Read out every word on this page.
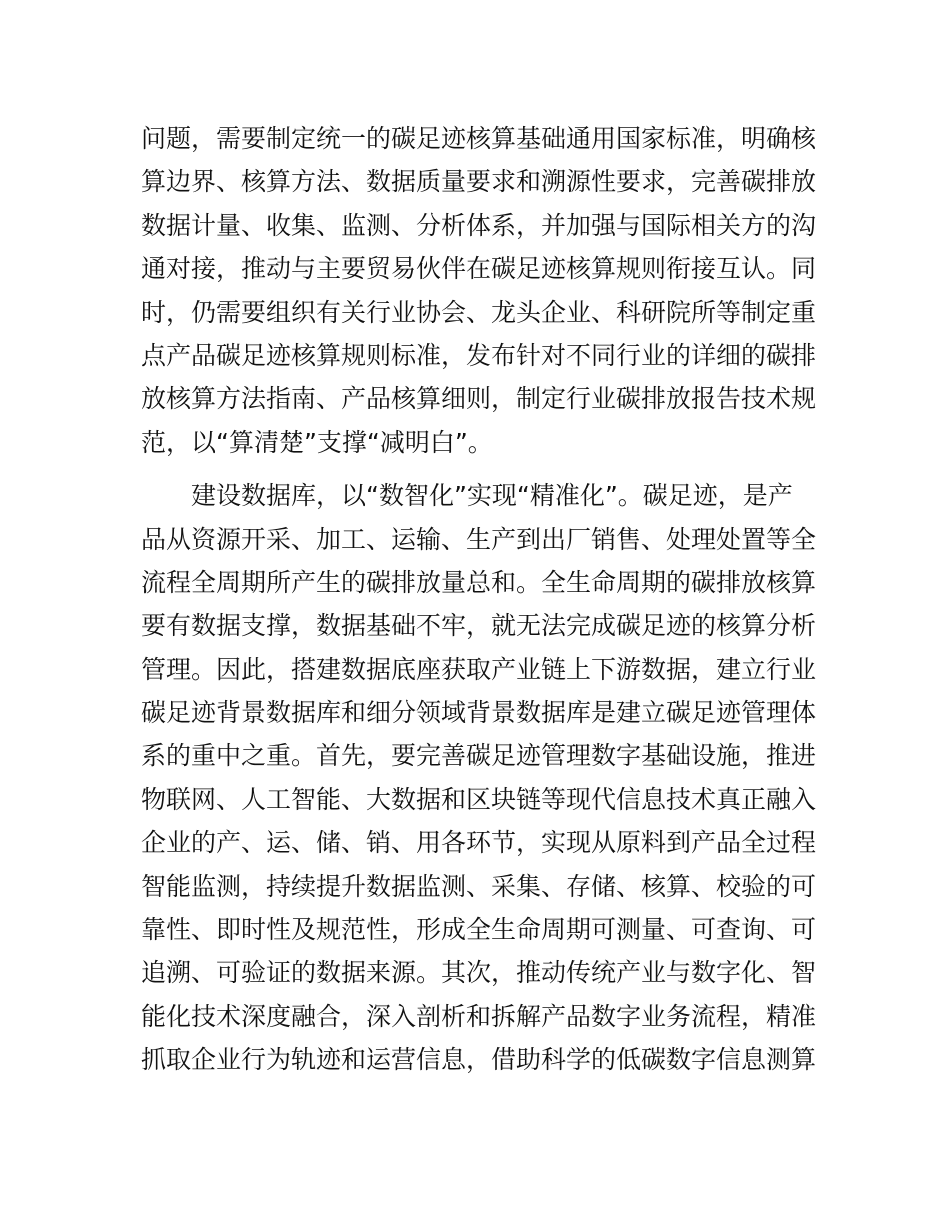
问题，需要制定统一的碳足迹核算基础通用国家标准，明确核
算边界、核算方法、数据质量要求和溯源性要求，完善碳排放
数据计量、收集、监测、分析体系，并加强与国际相关方的沟
通对接，推动与主要贸易伙伴在碳足迹核算规则衔接互认。同
时，仍需要组织有关行业协会、龙头企业、科研院所等制定重
点产品碳足迹核算规则标准，发布针对不同行业的详细的碳排
放核算方法指南、产品核算细则，制定行业碳排放报告技术规
范，以“算清楚”支撑“减明白”。
建设数据库，以“数智化”实现“精准化”。碳足迹，是产
品从资源开采、加工、运输、生产到出厂销售、处理处置等全
流程全周期所产生的碳排放量总和。全生命周期的碳排放核算
要有数据支撑，数据基础不牢，就无法完成碳足迹的核算分析
管理。因此，搭建数据底座获取产业链上下游数据，建立行业
碳足迹背景数据库和细分领域背景数据库是建立碳足迹管理体
系的重中之重。首先，要完善碳足迹管理数字基础设施，推进
物联网、人工智能、大数据和区块链等现代信息技术真正融入
企业的产、运、储、销、用各环节，实现从原料到产品全过程
智能监测，持续提升数据监测、采集、存储、核算、校验的可
靠性、即时性及规范性，形成全生命周期可测量、可查询、可
追溯、可验证的数据来源。其次，推动传统产业与数字化、智
能化技术深度融合，深入剖析和拆解产品数字业务流程，精准
抓取企业行为轨迹和运营信息，借助科学的低碳数字信息测算
